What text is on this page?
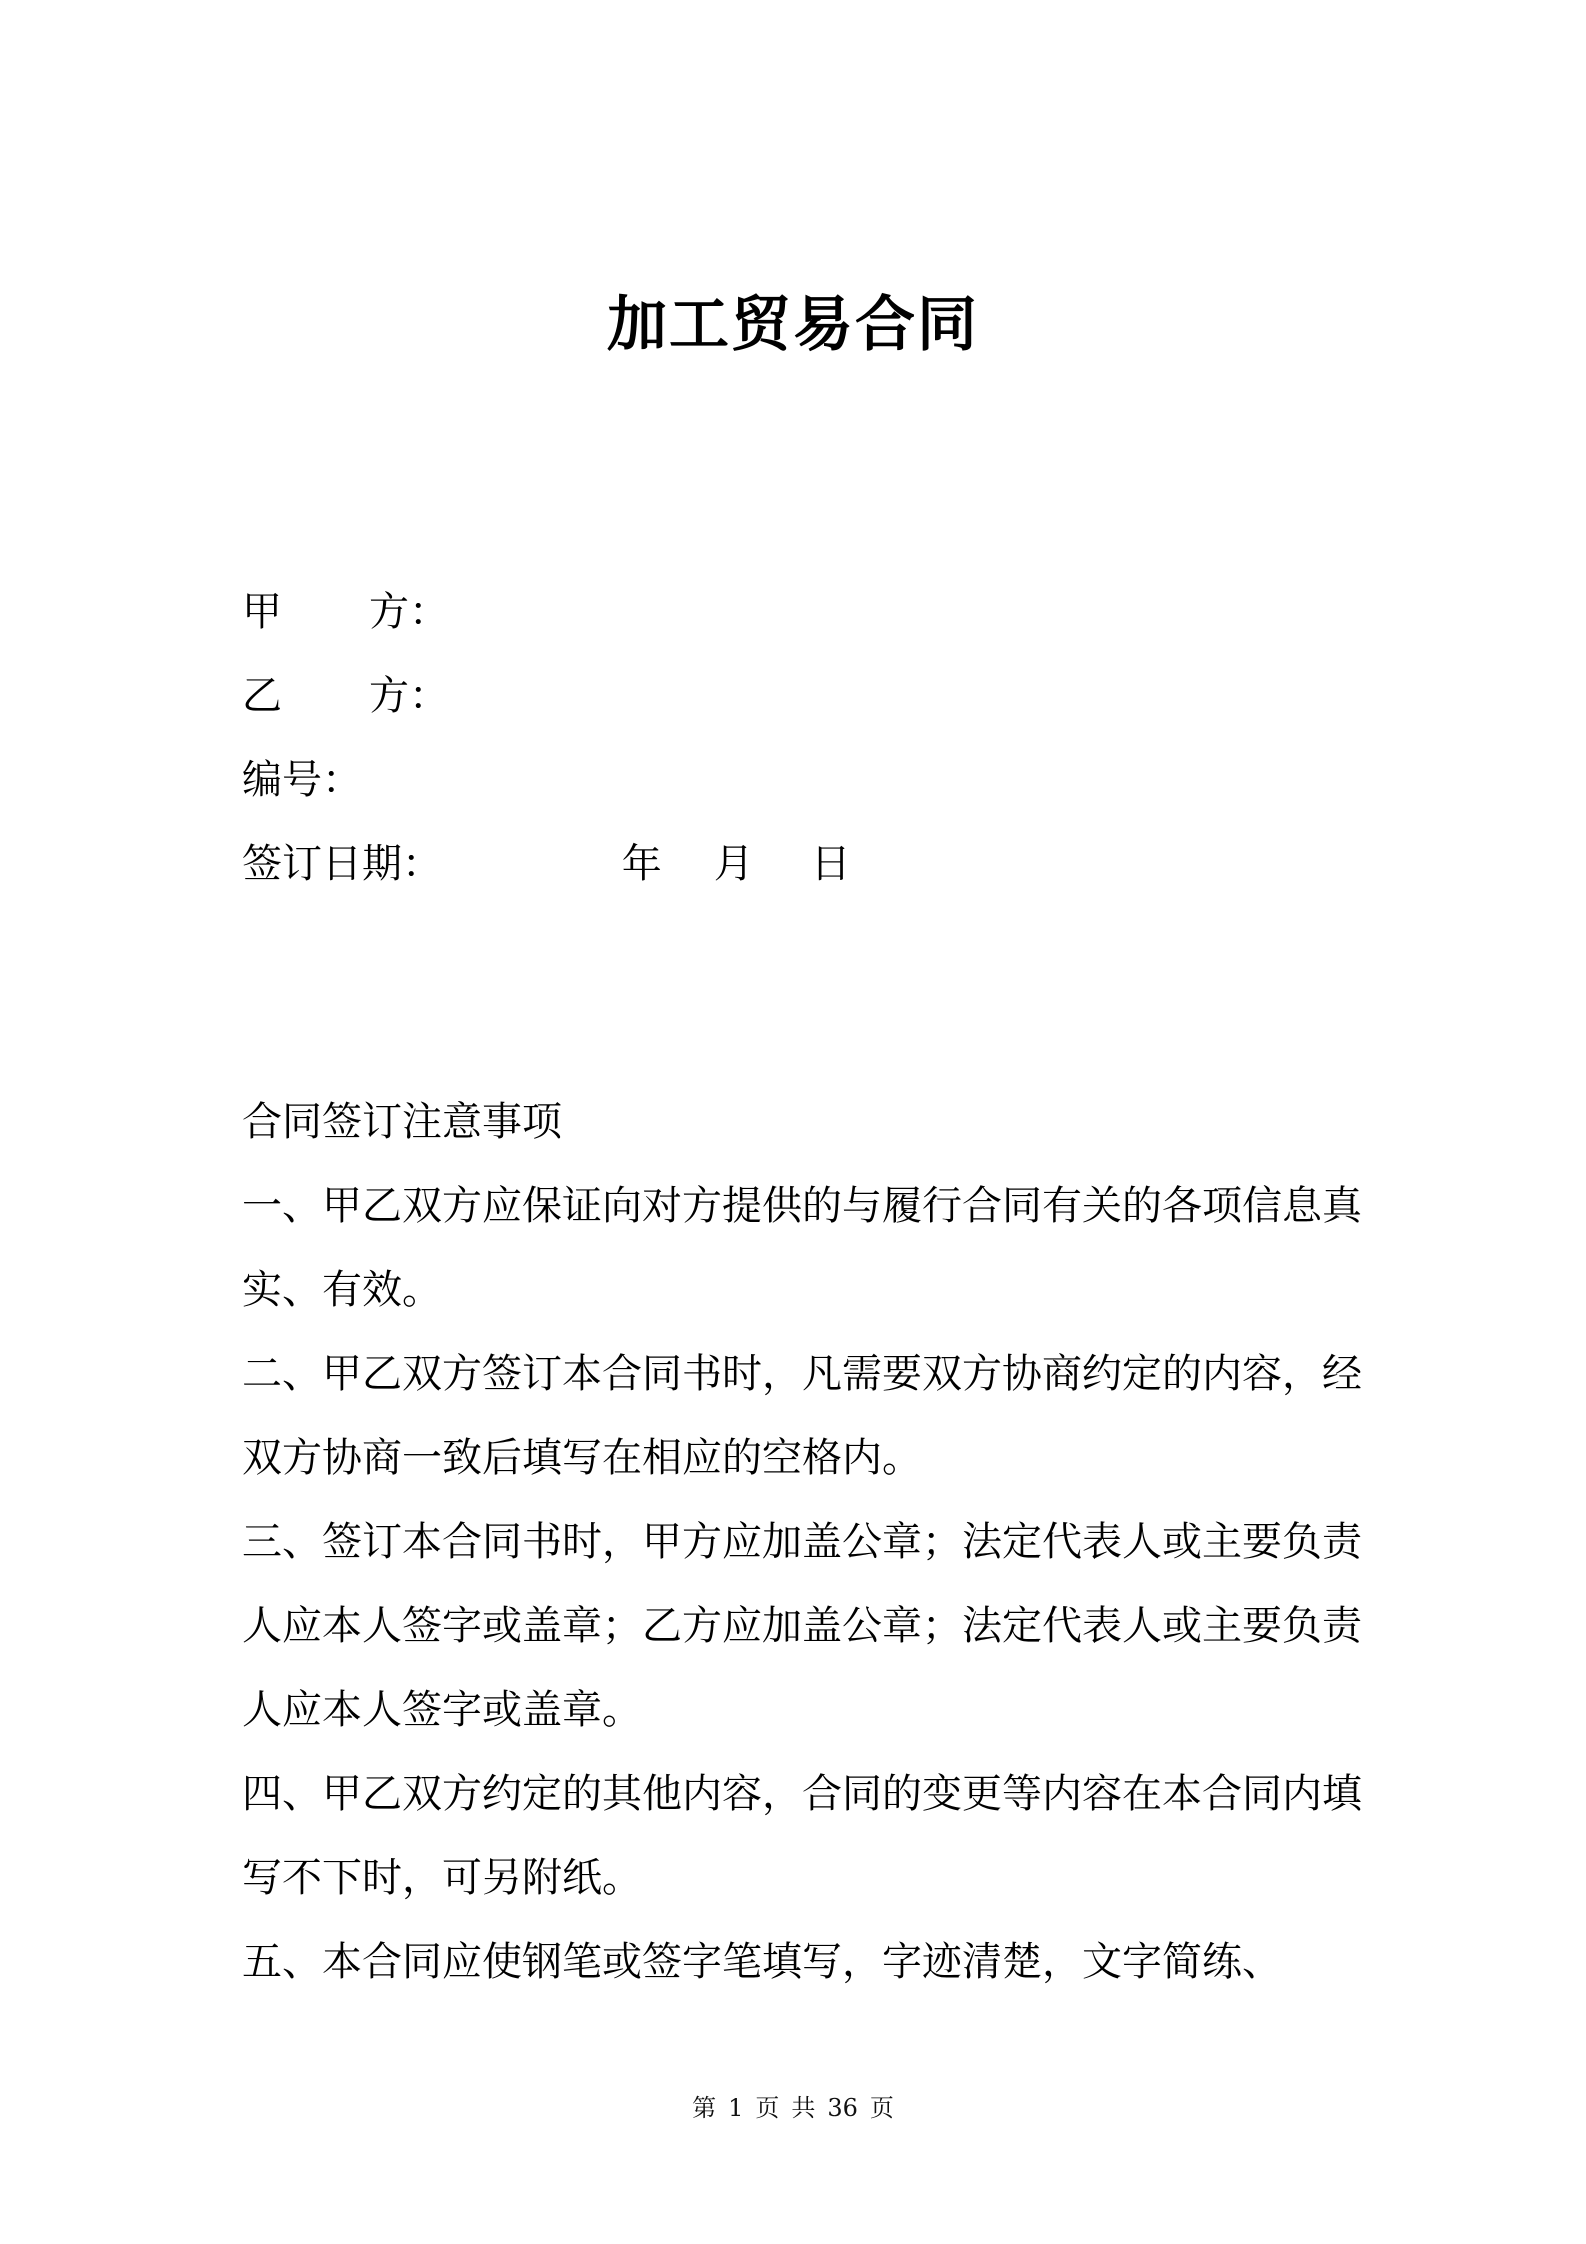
加工贸易合同
甲	方：
乙	方：
编号：
签订日期：	年 月 日

合同签订注意事项
一、甲乙双方应保证向对方提供的与履行合同有关的各项信息真实、有效。
二、甲乙双方签订本合同书时，凡需要双方协商约定的内容，经双方协商一致后填写在相应的空格内。
三、签订本合同书时，甲方应加盖公章；法定代表人或主要负责人应本人签字或盖章；乙方应加盖公章；法定代表人或主要负责人应本人签字或盖章。
四、甲乙双方约定的其他内容，合同的变更等内容在本合同内填写不下时，可另附纸。
五、本合同应使钢笔或签字笔填写，字迹清楚，文字简练、
第 1 页 共 36 页
